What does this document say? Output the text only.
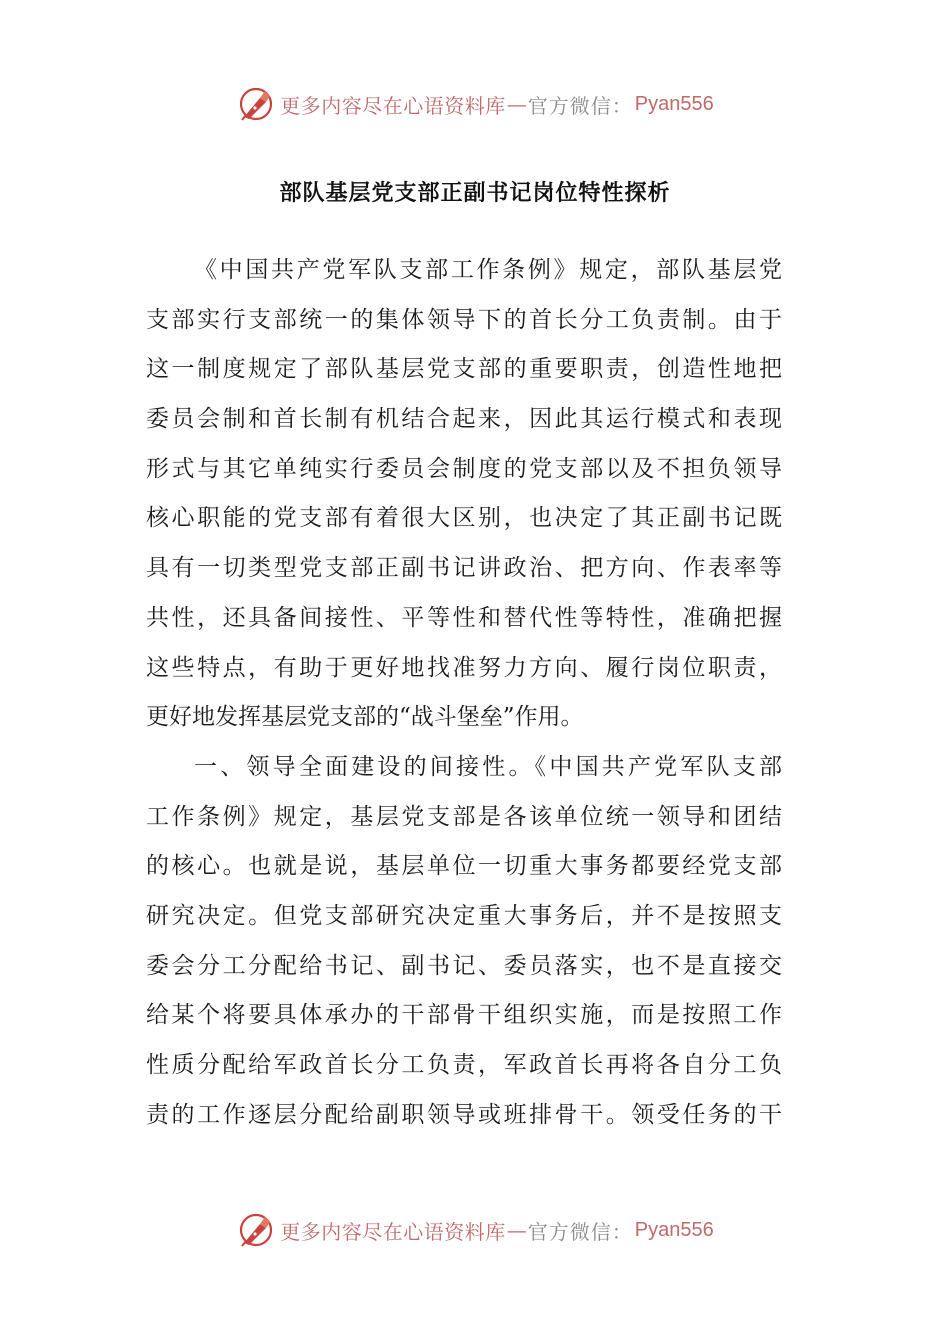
更多内容尽在心语资料库 — 官方微信： Pyan556
部队基层党支部正副书记岗位特性探析
《中国共产党军队支部工作条例》规定，部队基层党
支部实行支部统一的集体领导下的首长分工负责制。由于
这一制度规定了部队基层党支部的重要职责，创造性地把
委员会制和首长制有机结合起来，因此其运行模式和表现
形式与其它单纯实行委员会制度的党支部以及不担负领导
核心职能的党支部有着很大区别，也决定了其正副书记既
具有一切类型党支部正副书记讲政治、把方向、作表率等
共性，还具备间接性、平等性和替代性等特性，准确把握
这些特点，有助于更好地找准努力方向、履行岗位职责，
更好地发挥基层党支部的“战斗堡垒”作用。
一、领导全面建设的间接性。《中国共产党军队支部
工作条例》规定，基层党支部是各该单位统一领导和团结
的核心。也就是说，基层单位一切重大事务都要经党支部
研究决定。但党支部研究决定重大事务后，并不是按照支
委会分工分配给书记、副书记、委员落实，也不是直接交
给某个将要具体承办的干部骨干组织实施，而是按照工作
性质分配给军政首长分工负责，军政首长再将各自分工负
责的工作逐层分配给副职领导或班排骨干。领受任务的干
更多内容尽在心语资料库 — 官方微信： Pyan556
